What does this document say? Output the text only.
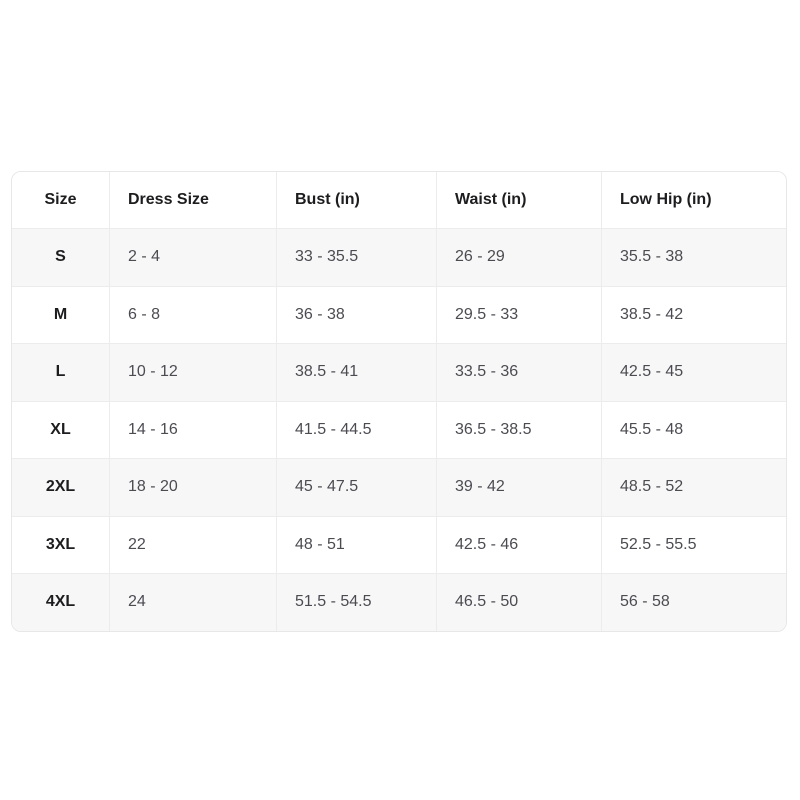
Size	Dress Size	Bust (in)	Waist (in)	Low Hip (in)
S	2 - 4	33 - 35.5	26 - 29	35.5 - 38
M	6 - 8	36 - 38	29.5 - 33	38.5 - 42
L	10 - 12	38.5 - 41	33.5 - 36	42.5 - 45
XL	14 - 16	41.5 - 44.5	36.5 - 38.5	45.5 - 48
2XL	18 - 20	45 - 47.5	39 - 42	48.5 - 52
3XL	22	48 - 51	42.5 - 46	52.5 - 55.5
4XL	24	51.5 - 54.5	46.5 - 50	56 - 58
